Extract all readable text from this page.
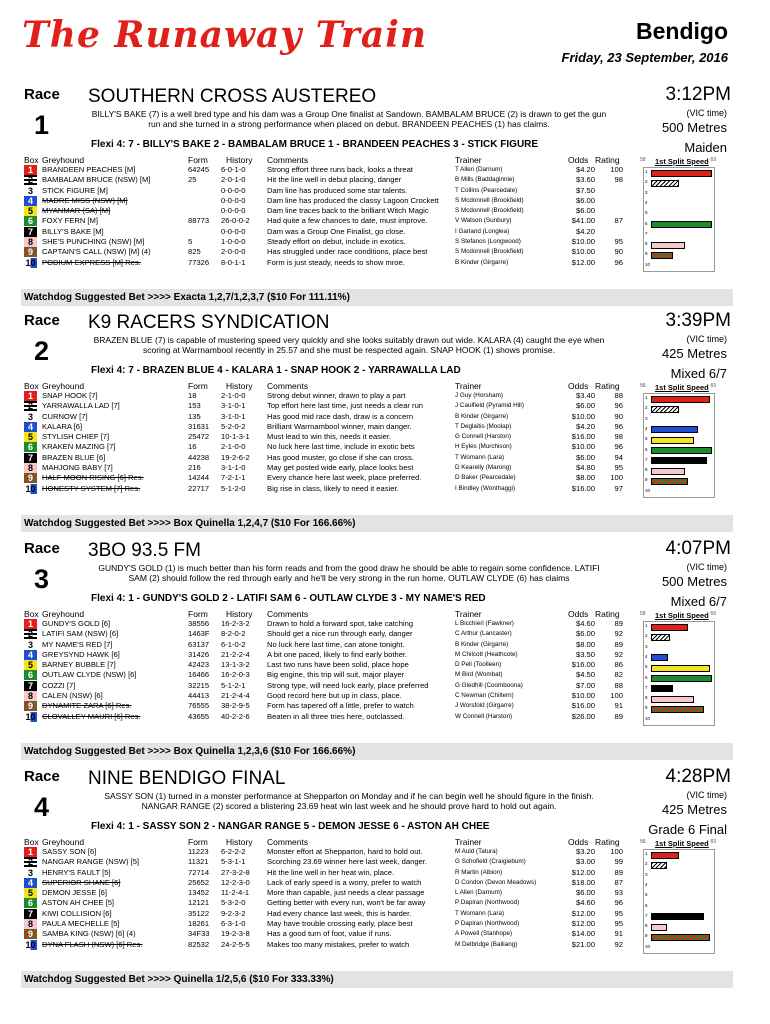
The Runaway Train	Bendigo
Friday, 23 September, 2016
Race
1
SOUTHERN CROSS AUSTEREO	3:12PM
(VIC time)
500 Metres
Maiden
BILLY'S BAKE (7) is a well bred type and his dam was a Group One finalist at Sandown. BAMBALAM BRUCE (2) is drawn to get the gun run and she turned in a strong performance when placed on debut. BRANDEEN PEACHES (1) has claims.
Flexi 4: 7 - BILLY'S BAKE 2 - BAMBALAM BRUCE 1 - BRANDEEN PEACHES 3 - STICK FIGURE
Box Greyhound	Form History Comments	Trainer	Odds Rating
1	BRANDEEN PEACHES [M]	64245 6-0-1-0	Strong effort three runs back, looks a threat	T Allen (Darnum)	$4.20	100
2	BAMBALAM BRUCE (NSW) [M]	25	2-0-1-0	Hit the line well in debut placing, danger	B Mills (Baddaginnie)	$3.60	98
3	STICK FIGURE [M]	0-0-0-0	Dam line has produced some star talents.	T Collins (Pearcedale)	$7.50
4	MADRE MISS (NSW) [M]	0-0-0-0	Dam line has produced the classy Lagoon Crockett	S Mcdonnell (Brookfield)	$6.00
5	MYANMAR (SA) [M]	0-0-0-0	Dam line traces back to the brilliant Witch Magic	S Mcdonnell (Brookfield)	$6.00
6	FOXY FERN [M]	88773 26-0-0-2 Had quite a few chances to date, must improve.	V Watson (Sunbury)	$41.00	87
7	BILLY'S BAKE [M]	0-0-0-0	Dam was a Group One Finalist, go close.	I Garland (Longlea)	$4.20
8	SHE'S PUNCHING (NSW) [M]	5	1-0-0-0	Steady effort on debut, include in exotics.	S Stefanos (Longwood)	$10.00	95
9	CAPTAIN'S CALL (NSW) [M] (4)	825	2-0-0-0	Has struggled under race conditions, place best	S Mcdonnell (Brookfield)	$10.00	90
10 PODIUM EXPRESS [M] Res.	77326 8-0-1-1	Form is just steady, needs to show mroe.	B Kinder (Girgarre)	$12.00	96
58 1st Split Speed 69
1
2
3
4
5
6
7
8
9
10
Watchdog Suggested Bet >>>> Exacta 1,2,7/1,2,3,7 ($10 For 111.11%)
Race
2
K9 RACERS SYNDICATION	3:39PM
(VIC time)
425 Metres
Mixed 6/7
BRAZEN BLUE (7) is capable of mustering speed very quickly and she looks suitably drawn out wide. KALARA (4) caught the eye when scoring at Warrnambool recently in 25.57 and she must be respected again. SNAP HOOK (1) shows promise.
Flexi 4: 7 - BRAZEN BLUE 4 - KALARA 1 - SNAP HOOK 2 - YARRAWALLA LAD
Box Greyhound	Form History Comments	Trainer	Odds Rating
1	SNAP HOOK [7]	18	2-1-0-0	Strong debut winner, drawn to play a part	J Guy (Horsham)	$3.40	88
2	YARRAWALLA LAD [7]	153	3-1-0-1	Top effort here last time, just needs a clear run	J Caulfield (Pyramid Hill)	$6.00	96
3	CURNOW [7]	135	3-1-0-1	Has good mid race dash, draw is a concern	B Kinder (Girgarre)	$10.00	90
4	KALARA [6]	31631 5-2-0-2	Brilliant Warrnambool winner, main danger.	T Deglaitis (Moolap)	$4.20	96
5	STYLISH CHIEF [7]	25472 10-1-3-1 Must lead to win this, needs it easier.	G Connell (Harston)	$16.00	98
6	KRAKEN MAZING [7]	16	2-1-0-0	No luck here last time, include in exotic bets	H Eyles (Murchison)	$10.00	96
7	BRAZEN BLUE [6]	44238 19-2-6-2 Has good muster, go close if she can cross.	T Womann (Lara)	$6.00	94
8	MAHJONG BABY [7]	216	3-1-1-0	May get posted wide early, place looks best	D Kearelly (Marong)	$4.80	95
9	HALF MOON RISING [6] Res.	14244 7-2-1-1	Every chance here last week, place preferred.	D Baker (Pearcedale)	$8.00	100
10 HONESTY SYSTEM [7] Res.	22717 5-1-2-0	Big rise in class, likely to need it easier.	I Bindley (Wonthaggi)	$16.00	97
58 1st Split Speed 69
1
2
3
4
5
6
7
8
9
10
Watchdog Suggested Bet >>>> Box Quinella 1,2,4,7 ($10 For 166.66%)
Race
3
3BO 93.5 FM	4:07PM
(VIC time)
500 Metres
Mixed 6/7
GUNDY'S GOLD (1) is much better than his form reads and from the good draw he should be able to regain some confidence. LATIFI SAM (2) should follow the red through early and he'll be very strong in the run home. OUTLAW CLYDE (6) has claims
Flexi 4: 1 - GUNDY'S GOLD 2 - LATIFI SAM 6 - OUTLAW CLYDE 3 - MY NAME'S RED
Box Greyhound	Form History Comments	Trainer	Odds Rating
1	GUNDY'S GOLD [6]	38556 16-2-3-2 Drawn to hold a forward spot, take catching	L Bicchieri (Fawkner)	$4.60	89
2	LATIFI SAM (NSW) [6]	1463F 8-2-0-2	Should get a nice run through early, danger	C Arthur (Lancaster)	$6.00	92
3	MY NAME'S RED [7]	63137 6-1-0-2	No luck here last time, can atone tonight.	B Kinder (Girgarre)	$8.00	89
4	GREYSYND HAWK [6]	31426 21-2-2-4 A bit one paced, likely to find early bother.	M Chilcott (Heathcote)	$3.50	92
5	BARNEY BUBBLE [7]	42423 13-1-3-2 Last two runs have been solid, place hope	D Pell (Toolleen)	$16.00	86
6	OUTLAW CLYDE (NSW) [6]	16466 16-2-0-3 Big engine, this trip will suit, major player	M Bird (Wombat)	$4.50	82
7	COZZI [7]	32215 5-1-2-1	Strong type, will need luck early, place preferred	G Gledhill (Coomboona)	$7.00	88
8	CALEN (NSW) [6]	44413 21-2-4-4 Good record here but up in class, place.	C Newman (Chiltern)	$10.00	100
9	DYNAMITE ZARA [6] Res.	76555 38-2-9-5 Form has tapered off a little, prefer to watch	J Worsfold (Girgarre)	$16.00	91
10 CLOVALLEY MAURI [6] Res.	43655 40-2-2-6 Beaten in all three tries here, outclassed.	W Connell (Harston)	$26.00	89
58 1st Split Speed 69
1
2
3
4
5
6
7
8
9
10
Watchdog Suggested Bet >>>> Box Quinella 1,2,3,6 ($10 For 166.66%)
Race
4
NINE BENDIGO FINAL	4:28PM
(VIC time)
425 Metres
Grade 6 Final
SASSY SON (1) turned in a monster performance at Shepparton on Monday and if he can begin well he should figure in the finish. NANGAR RANGE (2) scored a blistering 23.69 heat win last week and he should prove hard to hold out again.
Flexi 4: 1 - SASSY SON 2 - NANGAR RANGE 5 - DEMON JESSE 6 - ASTON AH CHEE
Box Greyhound	Form History Comments	Trainer	Odds Rating
1	SASSY SON [6]	11223 6-2-2-2	Monster effort at Shepparton, hard to hold out.	M Auld (Tatura)	$3.20	100
2	NANGAR RANGE (NSW) [5]	11321 5-3-1-1	Scorching 23.69 winner here last week, danger.	G Schofield (Craigiebum)	$3.00	99
3	HENRY'S FAULT [5]	72714 27-3-2-8 Hit the line well in her heat win, place.	R Martin (Albion)	$12.00	89
4	SUPERIOR SHANE [6]	25652 12-2-3-0 Lack of early speed is a worry, prefer to watch	D Condon (Devon Meadows)	$18.00	87
5	DEMON JESSE [6]	13452 11-2-4-1 More than capable, just needs a clear passage	L Allen (Darnum)	$6.00	93
6	ASTON AH CHEE [5]	12121 5-3-2-0	Getting better with every run, won't be far away	P Dapiran (Northwood)	$4.60	96
7	KIWI COLLISION [6]	35122 9-2-3-2	Had every chance last week, this is harder.	T Womann (Lara)	$12.00	95
8	PAULA MECHELLE [5]	18261 6-3-1-0	May have trouble crossing early, place best	P Dapiran (Northwood)	$12.00	95
9	SAMBA KING (NSW) [6] (4)	34F33 19-2-3-8 Has a good turn of foot, value if runs.	A Powell (Stanhope)	$14.00	91
10 DYNA FLASH (NSW) [6] Res.	82532 24-2-5-5 Makes too many mistakes, prefer to watch	M Delbridge (Balliang)	$21.00	92
58 1st Split Speed 69
1
2
3
4
5
6
7
8
9
10
Watchdog Suggested Bet >>>> Quinella 1/2,5,6 ($10 For 333.33%)
